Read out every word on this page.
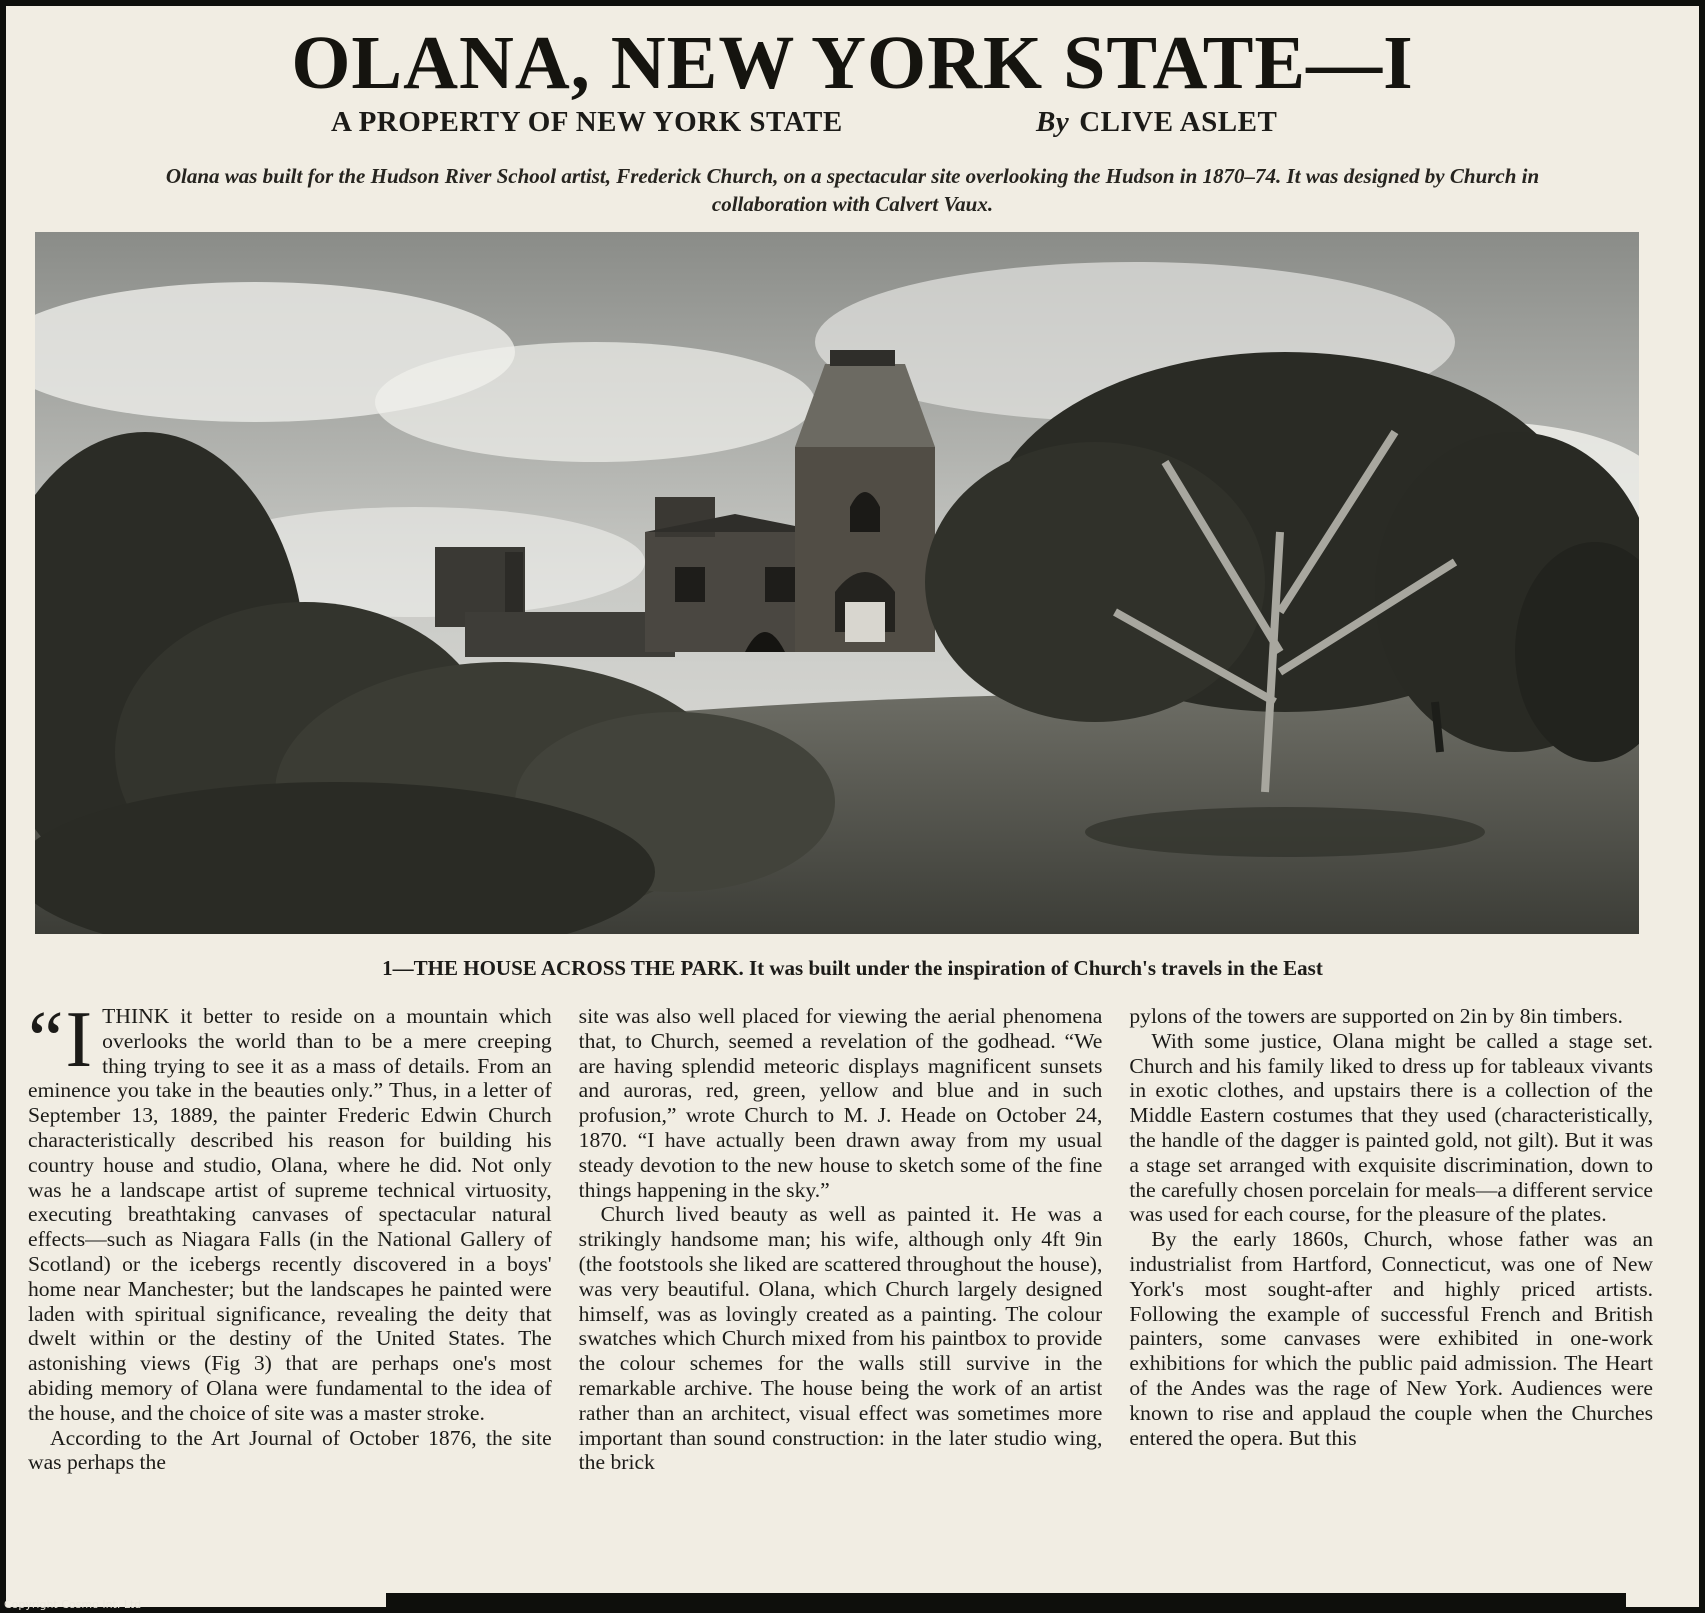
OLANA, NEW YORK STATE—I
A PROPERTY OF NEW YORK STATE	By CLIVE ASLET
Olana was built for the Hudson River School artist, Frederick Church, on a spectacular site overlooking the Hudson in 1870–74. It was designed by Church in collaboration with Calvert Vaux.
1—THE HOUSE ACROSS THE PARK. It was built under the inspiration of Church's travels in the East

“I THINK it better to reside on a mountain which overlooks the world than to be a mere creeping thing trying to see it as a mass of details. From an eminence you take in the beauties only.” Thus, in a letter of September 13, 1889, the painter Frederic Edwin Church characteristically described his reason for building his country house and studio, Olana, where he did. Not only was he a landscape artist of supreme technical virtuosity, executing breathtaking canvases of spectacular natural effects—such as Niagara Falls (in the National Gallery of Scotland) or the icebergs recently discovered in a boys' home near Manchester; but the landscapes he painted were laden with spiritual significance, revealing the deity that dwelt within or the destiny of the United States. The astonishing views (Fig 3) that are perhaps one's most abiding memory of Olana were fundamental to the idea of the house, and the choice of site was a master stroke.

According to the Art Journal of October 1876, the site was perhaps the

site was also well placed for viewing the aerial phenomena that, to Church, seemed a revelation of the godhead. “We are having splendid meteoric displays magnificent sunsets and auroras, red, green, yellow and blue and in such profusion,” wrote Church to M. J. Heade on October 24, 1870. “I have actually been drawn away from my usual steady devotion to the new house to sketch some of the fine things happening in the sky.”

Church lived beauty as well as painted it. He was a strikingly handsome man; his wife, although only 4ft 9in (the footstools she liked are scattered throughout the house), was very beautiful. Olana, which Church largely designed himself, was as lovingly created as a painting. The colour swatches which Church mixed from his paintbox to provide the colour schemes for the walls still survive in the remarkable archive. The house being the work of an artist rather than an architect, visual effect was sometimes more important than sound construction: in the later studio wing, the brick

pylons of the towers are supported on 2in by 8in timbers.

With some justice, Olana might be called a stage set. Church and his family liked to dress up for tableaux vivants in exotic clothes, and upstairs there is a collection of the Middle Eastern costumes that they used (characteristically, the handle of the dagger is painted gold, not gilt). But it was a stage set arranged with exquisite discrimination, down to the carefully chosen porcelain for meals—a different service was used for each course, for the pleasure of the plates.

By the early 1860s, Church, whose father was an industrialist from Hartford, Connecticut, was one of New York's most sought-after and highly priced artists. Following the example of successful French and British painters, some canvases were exhibited in one-work exhibitions for which the public paid admission. The Heart of the Andes was the rage of New York. Audiences were known to rise and applaud the couple when the Churches entered the opera. But this

Copyright Cosmo Int. Ltd
